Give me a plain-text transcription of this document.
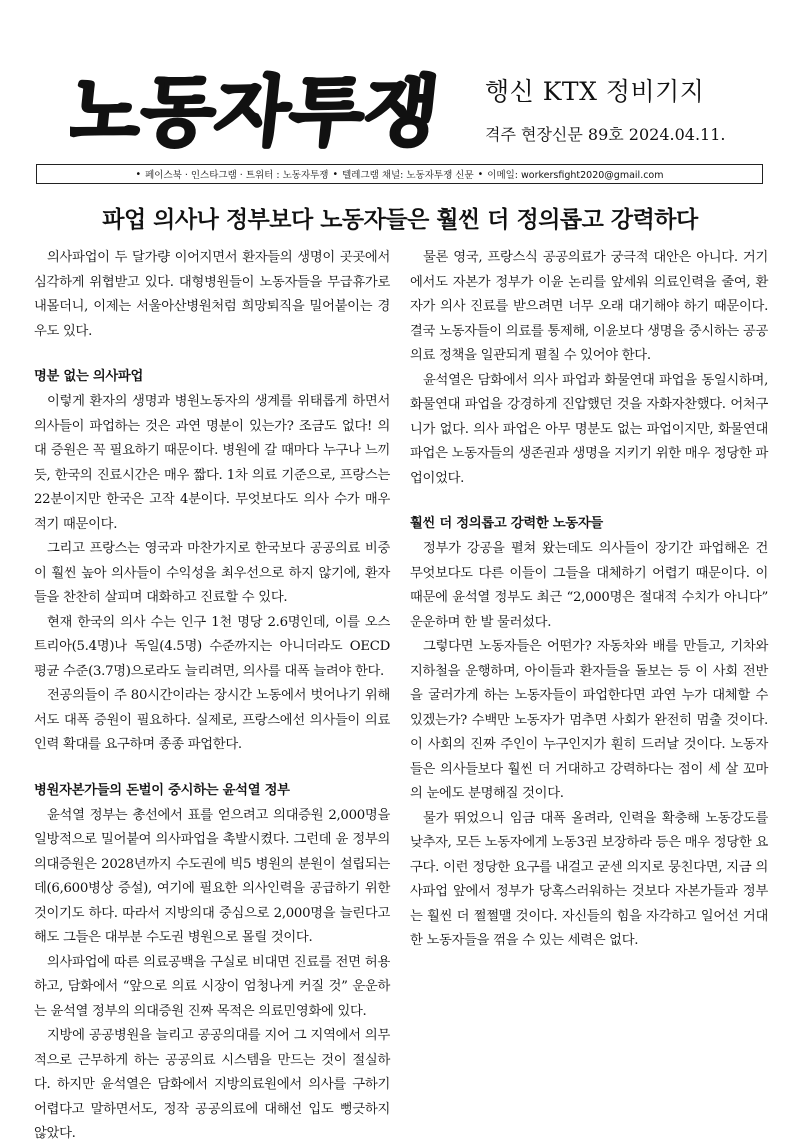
노동자투쟁 행신 KTX 정비기지
격주 현장신문 89호 2024.04.11.
• 페이스북 · 인스타그램 · 트위터 : 노동자투쟁 • 텔레그램 채널: 노동자투쟁 신문 • 이메일: workersfight2020@gmail.com
파업 의사나 정부보다 노동자들은 훨씬 더 정의롭고 강력하다

의사파업이 두 달가량 이어지면서 환자들의 생명이 곳곳에서 심각하게 위협받고 있다. 대형병원들이 노동자들을 무급휴가로 내몰더니, 이제는 서울아산병원처럼 희망퇴직을 밀어붙이는 경우도 있다.

명분 없는 의사파업

이렇게 환자의 생명과 병원노동자의 생계를 위태롭게 하면서 의사들이 파업하는 것은 과연 명분이 있는가? 조금도 없다! 의대 증원은 꼭 필요하기 때문이다. 병원에 갈 때마다 누구나 느끼듯, 한국의 진료시간은 매우 짧다. 1차 의료 기준으로, 프랑스는 22분이지만 한국은 고작 4분이다. 무엇보다도 의사 수가 매우 적기 때문이다.

그리고 프랑스는 영국과 마찬가지로 한국보다 공공의료 비중이 훨씬 높아 의사들이 수익성을 최우선으로 하지 않기에, 환자들을 찬찬히 살피며 대화하고 진료할 수 있다.

현재 한국의 의사 수는 인구 1천 명당 2.6명인데, 이를 오스트리아(5.4명)나 독일(4.5명) 수준까지는 아니더라도 OECD 평균 수준(3.7명)으로라도 늘리려면, 의사를 대폭 늘려야 한다.

전공의들이 주 80시간이라는 장시간 노동에서 벗어나기 위해서도 대폭 증원이 필요하다. 실제로, 프랑스에선 의사들이 의료인력 확대를 요구하며 종종 파업한다.

병원자본가들의 돈벌이 중시하는 윤석열 정부

윤석열 정부는 총선에서 표를 얻으려고 의대증원 2,000명을 일방적으로 밀어붙여 의사파업을 촉발시켰다. 그런데 윤 정부의 의대증원은 2028년까지 수도권에 빅5 병원의 분원이 설립되는데(6,600병상 증설), 여기에 필요한 의사인력을 공급하기 위한 것이기도 하다. 따라서 지방의대 중심으로 2,000명을 늘린다고 해도 그들은 대부분 수도권 병원으로 몰릴 것이다.

의사파업에 따른 의료공백을 구실로 비대면 진료를 전면 허용하고, 담화에서 “앞으로 의료 시장이 엄청나게 커질 것” 운운하는 윤석열 정부의 의대증원 진짜 목적은 의료민영화에 있다.

지방에 공공병원을 늘리고 공공의대를 지어 그 지역에서 의무적으로 근무하게 하는 공공의료 시스템을 만드는 것이 절실하다. 하지만 윤석열은 담화에서 지방의료원에서 의사를 구하기 어렵다고 말하면서도, 정작 공공의료에 대해선 입도 뻥긋하지 않았다.

물론 영국, 프랑스식 공공의료가 궁극적 대안은 아니다. 거기에서도 자본가 정부가 이윤 논리를 앞세워 의료인력을 줄여, 환자가 의사 진료를 받으려면 너무 오래 대기해야 하기 때문이다. 결국 노동자들이 의료를 통제해, 이윤보다 생명을 중시하는 공공의료 정책을 일관되게 펼칠 수 있어야 한다.

윤석열은 담화에서 의사 파업과 화물연대 파업을 동일시하며, 화물연대 파업을 강경하게 진압했던 것을 자화자찬했다. 어처구니가 없다. 의사 파업은 아무 명분도 없는 파업이지만, 화물연대 파업은 노동자들의 생존권과 생명을 지키기 위한 매우 정당한 파업이었다.

훨씬 더 정의롭고 강력한 노동자들

정부가 강공을 펼쳐 왔는데도 의사들이 장기간 파업해온 건 무엇보다도 다른 이들이 그들을 대체하기 어렵기 때문이다. 이 때문에 윤석열 정부도 최근 “2,000명은 절대적 수치가 아니다” 운운하며 한 발 물러섰다.

그렇다면 노동자들은 어떤가? 자동차와 배를 만들고, 기차와 지하철을 운행하며, 아이들과 환자들을 돌보는 등 이 사회 전반을 굴러가게 하는 노동자들이 파업한다면 과연 누가 대체할 수 있겠는가? 수백만 노동자가 멈추면 사회가 완전히 멈출 것이다. 이 사회의 진짜 주인이 누구인지가 훤히 드러날 것이다. 노동자들은 의사들보다 훨씬 더 거대하고 강력하다는 점이 세 살 꼬마의 눈에도 분명해질 것이다.

물가 뛰었으니 임금 대폭 올려라, 인력을 확충해 노동강도를 낮추자, 모든 노동자에게 노동3권 보장하라 등은 매우 정당한 요구다. 이런 정당한 요구를 내걸고 굳센 의지로 뭉친다면, 지금 의사파업 앞에서 정부가 당혹스러워하는 것보다 자본가들과 정부는 훨씬 더 쩔쩔맬 것이다. 자신들의 힘을 자각하고 일어선 거대한 노동자들을 꺾을 수 있는 세력은 없다.
